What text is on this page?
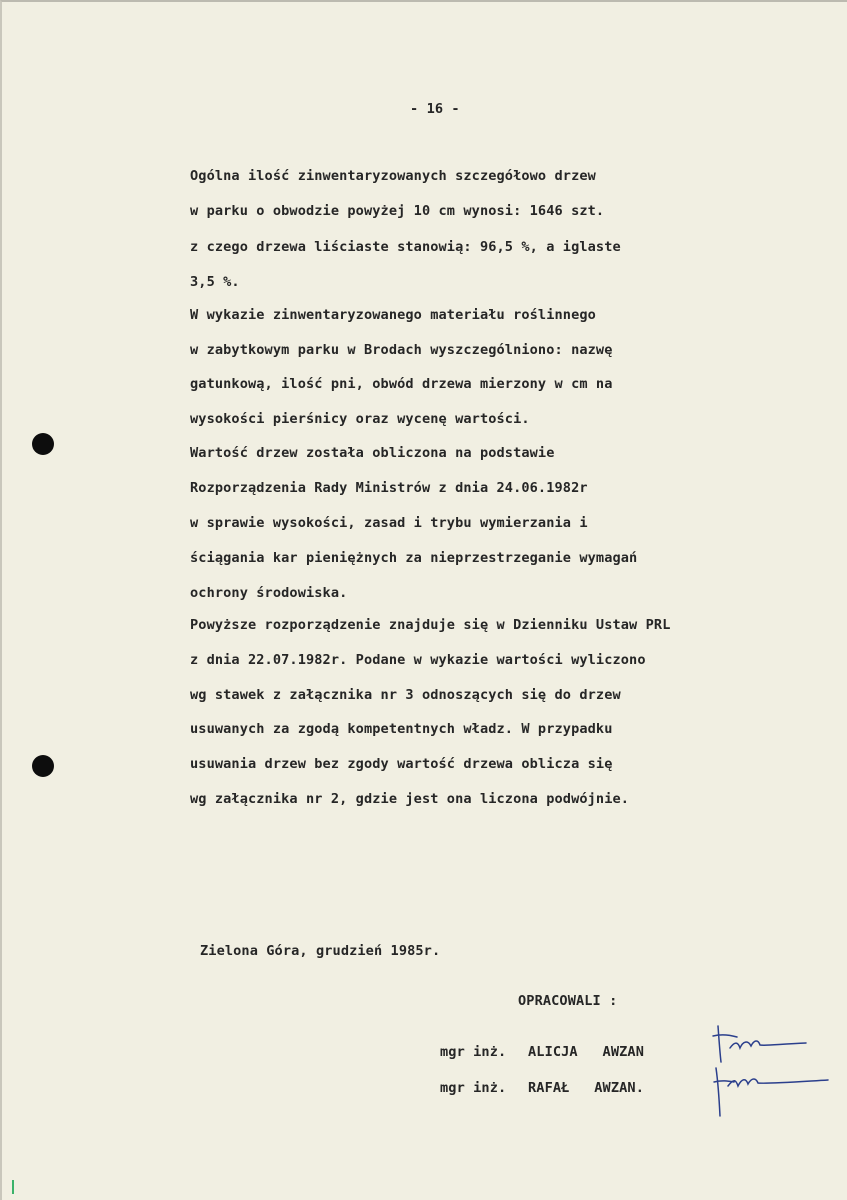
- 16 -
Ogólna ilość zinwentaryzowanych szczegółowo drzew
w parku o obwodzie powyżej 10 cm wynosi: 1646 szt.
z czego drzewa liściaste stanowią: 96,5 %, a iglaste
3,5 %.
W wykazie zinwentaryzowanego materiału roślinnego
w zabytkowym parku w Brodach wyszczególniono: nazwę
gatunkową, ilość pni, obwód drzewa mierzony w cm na
wysokości pierśnicy oraz wycenę wartości.
Wartość drzew została obliczona na podstawie
Rozporządzenia Rady Ministrów z dnia 24.06.1982r
w sprawie wysokości, zasad i trybu wymierzania i
ściągania kar pieniężnych za nieprzestrzeganie wymagań
ochrony środowiska.
Powyższe rozporządzenie znajduje się w Dzienniku Ustaw PRL
z dnia 22.07.1982r. Podane w wykazie wartości wyliczono
wg stawek z załącznika nr 3 odnoszących się do drzew
usuwanych za zgodą kompetentnych władz. W przypadku
usuwania drzew bez zgody wartość drzewa oblicza się
wg załącznika nr 2, gdzie jest ona liczona podwójnie.
Zielona Góra, grudzień 1985r.
OPRACOWALI :
mgr inż. ALICJA   AWZAN
mgr inż. RAFAŁ   AWZAN.
